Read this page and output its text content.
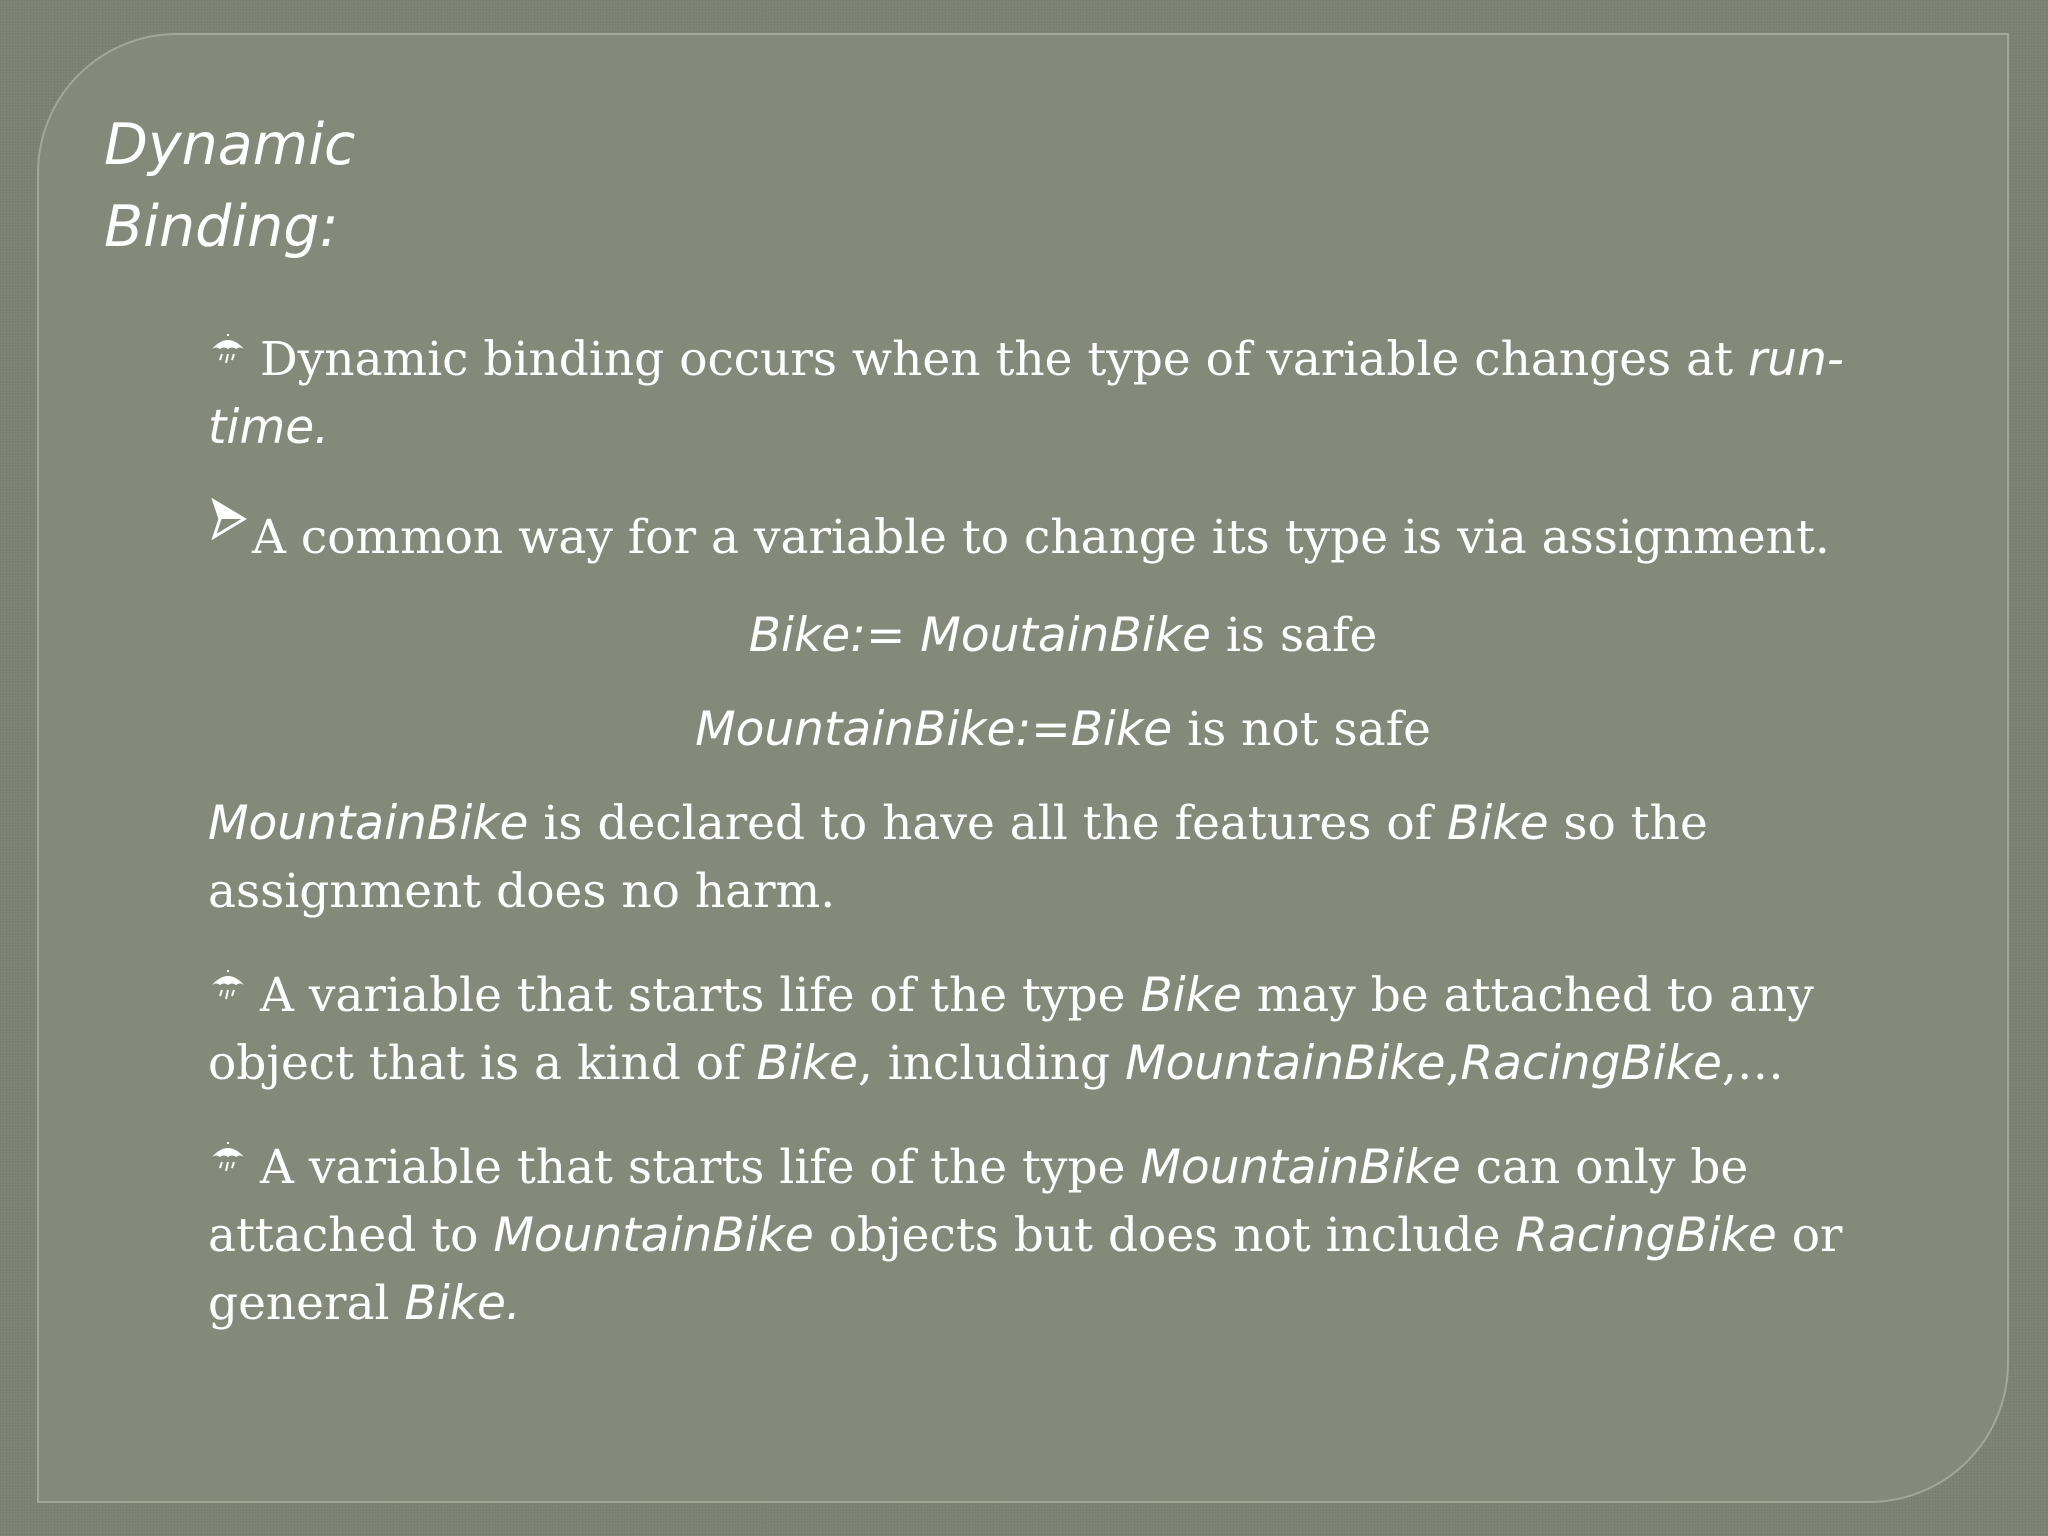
Dynamic
Binding:

Dynamic binding occurs when the type of variable changes at run-time.

A common way for a variable to change its type is via assignment.

Bike:= MoutainBike is safe

MountainBike:=Bike is not safe

MountainBike is declared to have all the features of Bike so the assignment does no harm.

A variable that starts life of the type Bike may be attached to any object that is a kind of Bike, including MountainBike,RacingBike,…

A variable that starts life of the type MountainBike can only be attached to MountainBike objects but does not include RacingBike or general Bike.
